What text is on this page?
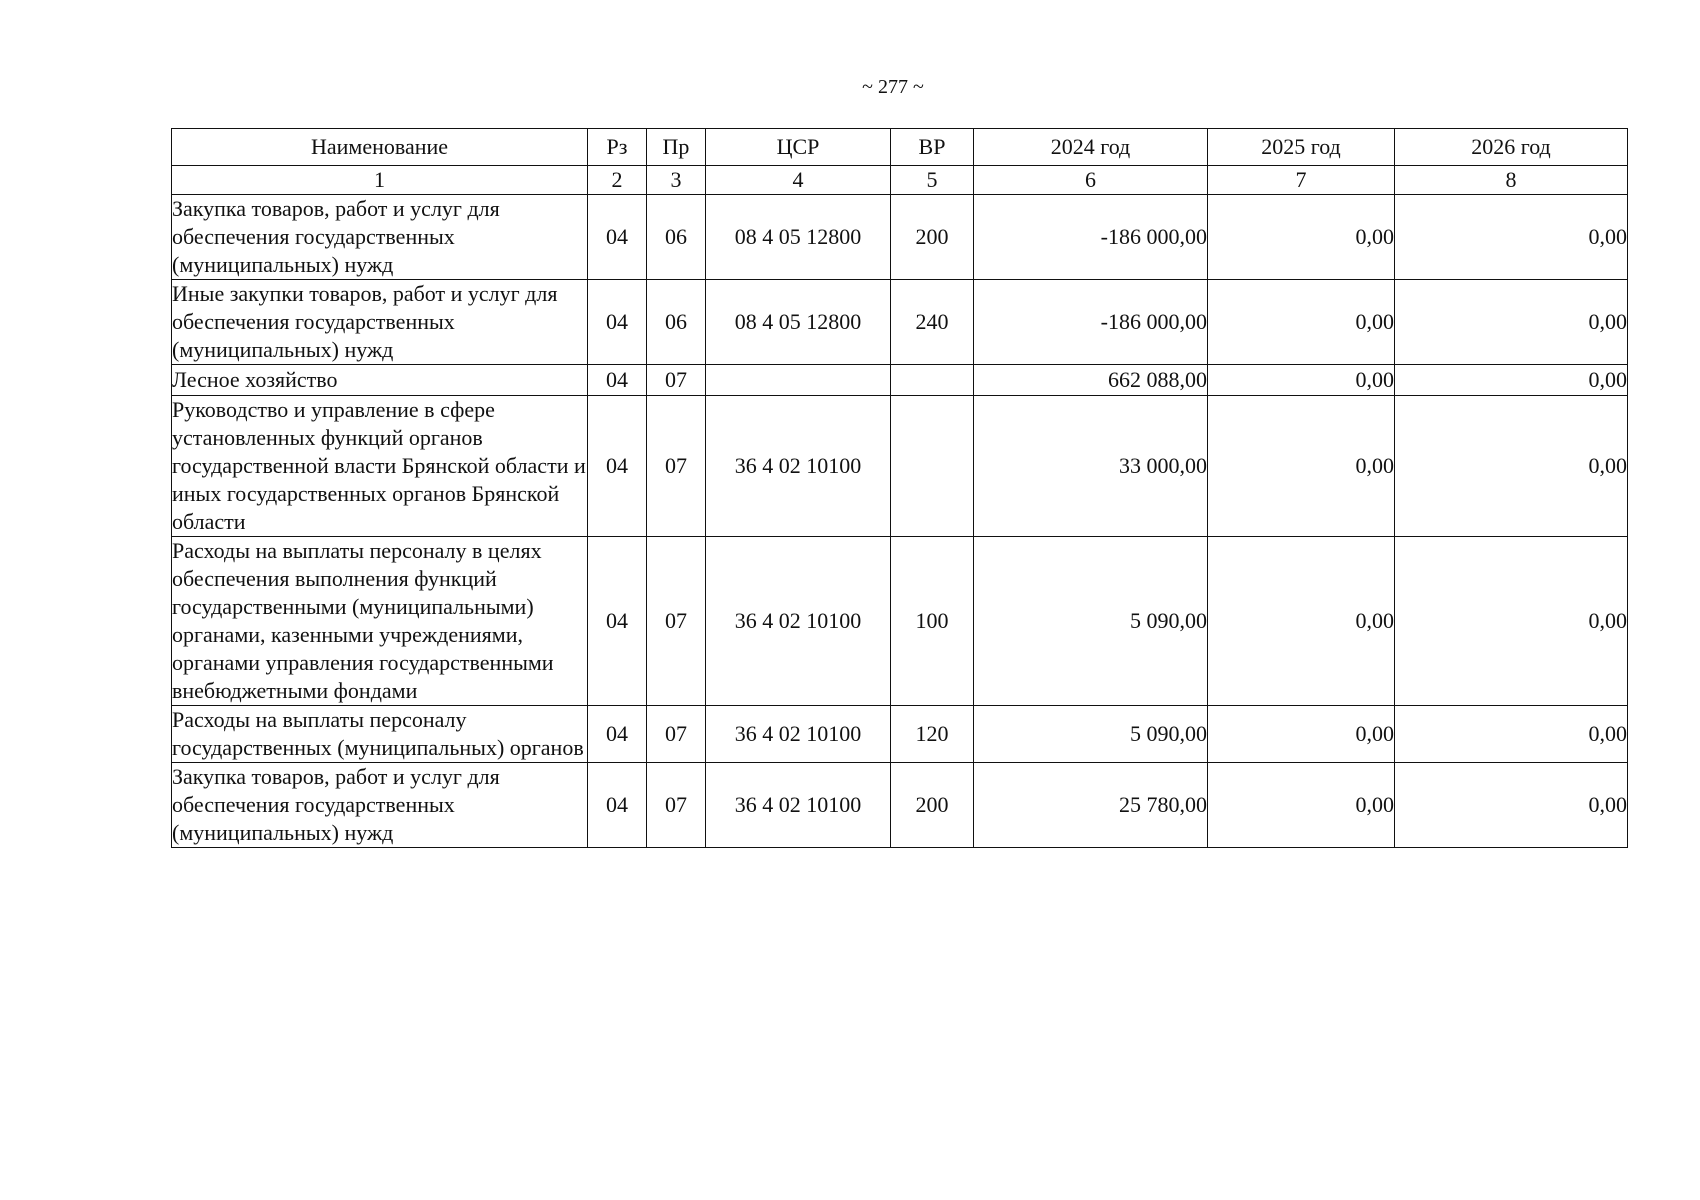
~ 277 ~
Наименование	Рз	Пр	ЦСР	ВР	2024 год	2025 год	2026 год
1	2	3	4	5	6	7	8
Закупка товаров, работ и услуг для обеспечения государственных (муниципальных) нужд	04	06	08 4 05 12800	200	-186 000,00	0,00	0,00
Иные закупки товаров, работ и услуг для обеспечения государственных (муниципальных) нужд	04	06	08 4 05 12800	240	-186 000,00	0,00	0,00
Лесное хозяйство	04	07			662 088,00	0,00	0,00
Руководство и управление в сфере установленных функций органов государственной власти Брянской области и иных государственных органов Брянской области	04	07	36 4 02 10100		33 000,00	0,00	0,00
Расходы на выплаты персоналу в целях обеспечения выполнения функций государственными (муниципальными) органами, казенными учреждениями, органами управления государственными внебюджетными фондами	04	07	36 4 02 10100	100	5 090,00	0,00	0,00
Расходы на выплаты персоналу государственных (муниципальных) органов	04	07	36 4 02 10100	120	5 090,00	0,00	0,00
Закупка товаров, работ и услуг для обеспечения государственных (муниципальных) нужд	04	07	36 4 02 10100	200	25 780,00	0,00	0,00
